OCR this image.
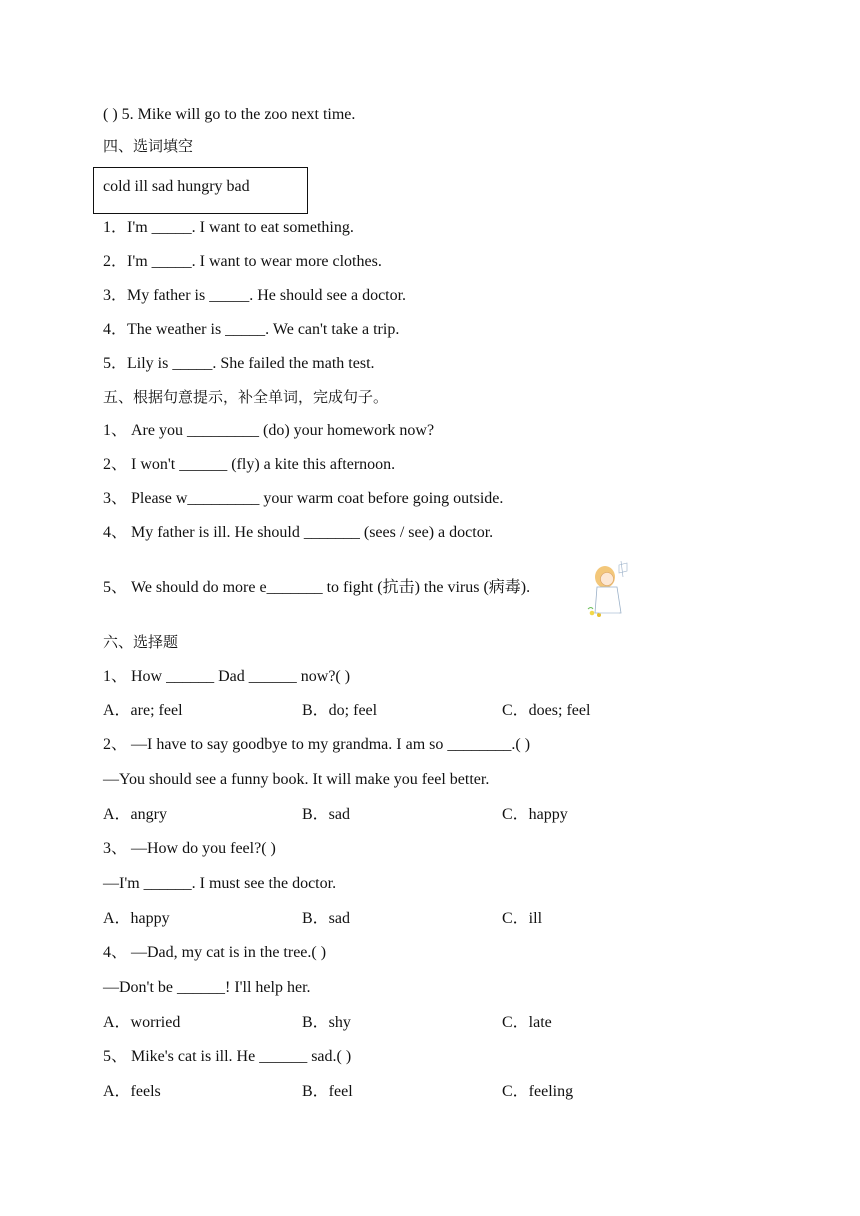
( ) 5. Mike will go to the zoo next time.
四、选词填空
cold ill sad hungry bad
1．I'm _____. I want to eat something.
2．I'm _____. I want to wear more clothes.
3．My father is _____. He should see a doctor.
4．The weather is _____. We can't take a trip.
5．Lily is _____. She failed the math test.
五、根据句意提示，补全单词，完成句子。
1、 Are you _________ (do) your homework now?
2、 I won't ______ (fly) a kite this afternoon.
3、 Please w_________ your warm coat before going outside.
4、 My father is ill. He should _______ (sees / see) a doctor.
5、 We should do more e_______ to fight (抗击) the virus (病毒).
六、选择题
1、 How ______ Dad ______ now?( )
A．are; feel	B．do; feel	C．does; feel
2、 —I have to say goodbye to my grandma. I am so ________.( )
—You should see a funny book. It will make you feel better.
A．angry	B．sad	C．happy
3、 —How do you feel?( )
—I'm ______. I must see the doctor.
A．happy	B．sad	C．ill
4、 —Dad, my cat is in the tree.( )
—Don't be ______! I'll help her.
A．worried	B．shy	C．late
5、 Mike's cat is ill. He ______ sad.( )
A．feels	B．feel	C．feeling
